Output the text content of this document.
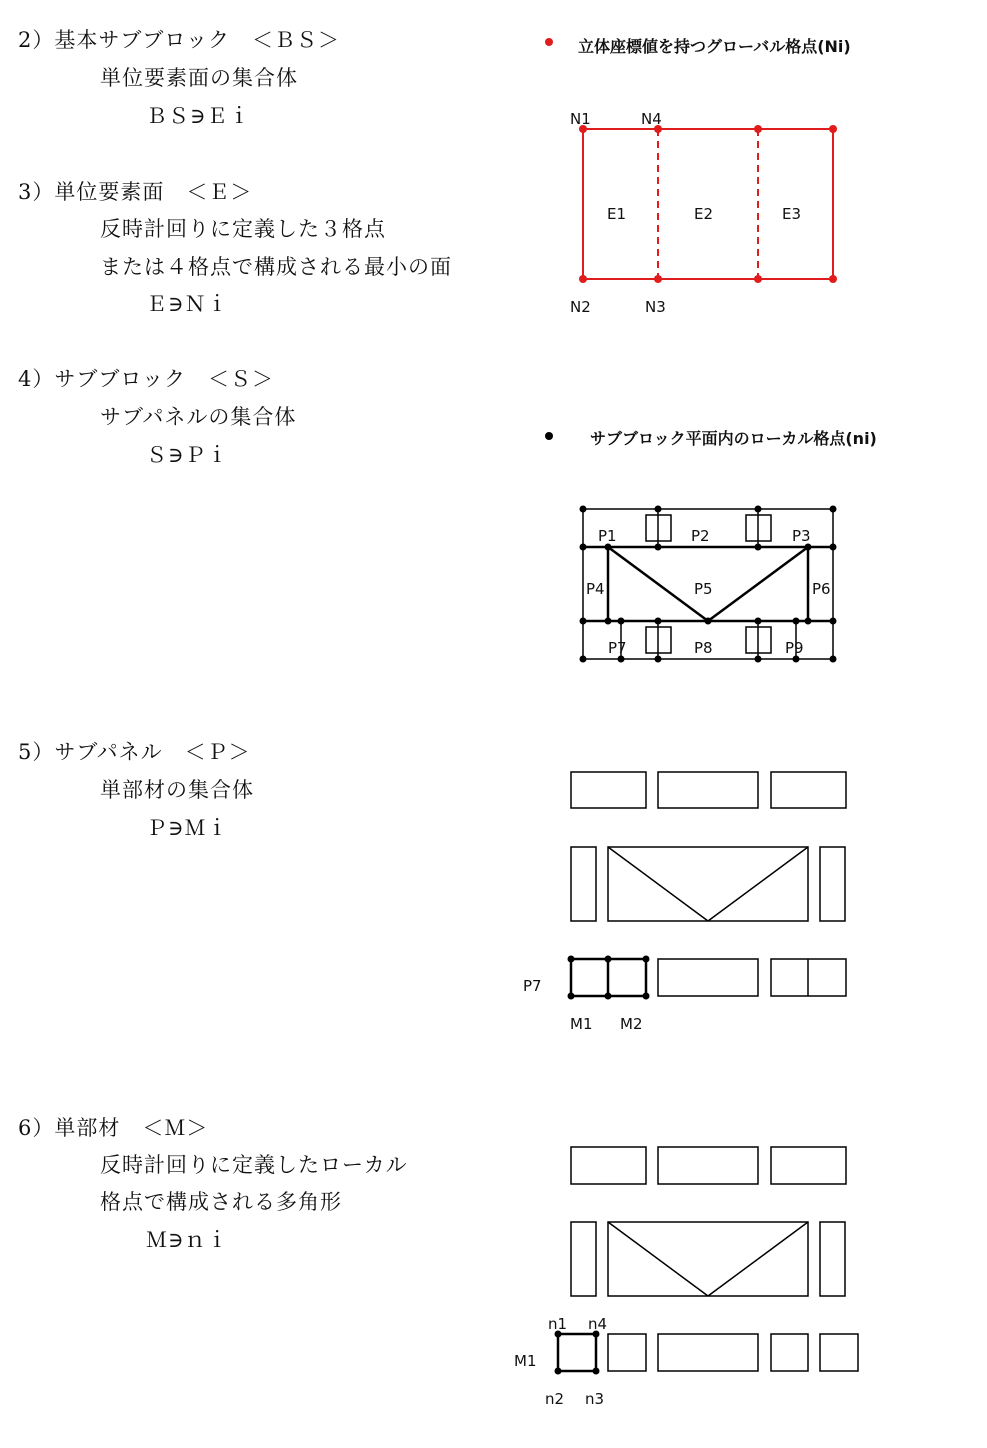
2）基本サブブロック　＜ＢＳ＞
単位要素面の集合体
ＢＳ∋Ｅｉ
3）単位要素面　＜Ｅ＞
反時計回りに定義した３格点
または４格点で構成される最小の面
Ｅ∋Ｎｉ
4）サブブロック　＜Ｓ＞
サブパネルの集合体
Ｓ∋Ｐｉ
5）サブパネル　＜Ｐ＞
単部材の集合体
Ｐ∋Ｍｉ
6）単部材　＜Ｍ＞
反時計回りに定義したローカル
格点で構成される多角形
Ｍ∋ｎｉ
立体座標値を持つグローバル格点(Ni)
N1	N4
N2	N3
E1	E2	E3
サブブロック平面内のローカル格点(ni)
P1	P2	P3
P4	P5	P6
P7	P8	P9
P7
M1 M2
n1 n4
M1
n2 n3
